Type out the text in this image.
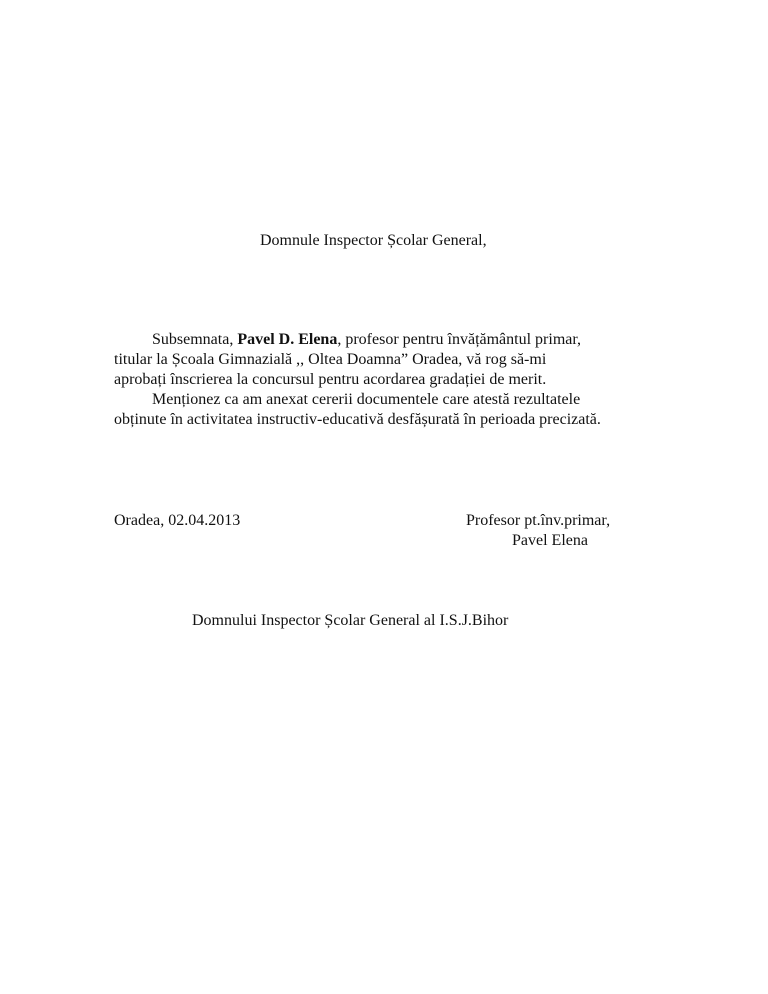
Domnule Inspector Școlar General,
Subsemnata, Pavel D. Elena, profesor pentru învățământul primar,
titular la Școala Gimnazială ,, Oltea Doamna” Oradea, vă rog să-mi
aprobați înscrierea la concursul pentru acordarea gradației de merit.
Menționez ca am anexat cererii documentele care atestă rezultatele
obținute în activitatea instructiv-educativă desfășurată în perioada precizată.
Oradea, 02.04.2013	Profesor pt.înv.primar,
Pavel Elena
Domnului Inspector Școlar General al I.S.J.Bihor
